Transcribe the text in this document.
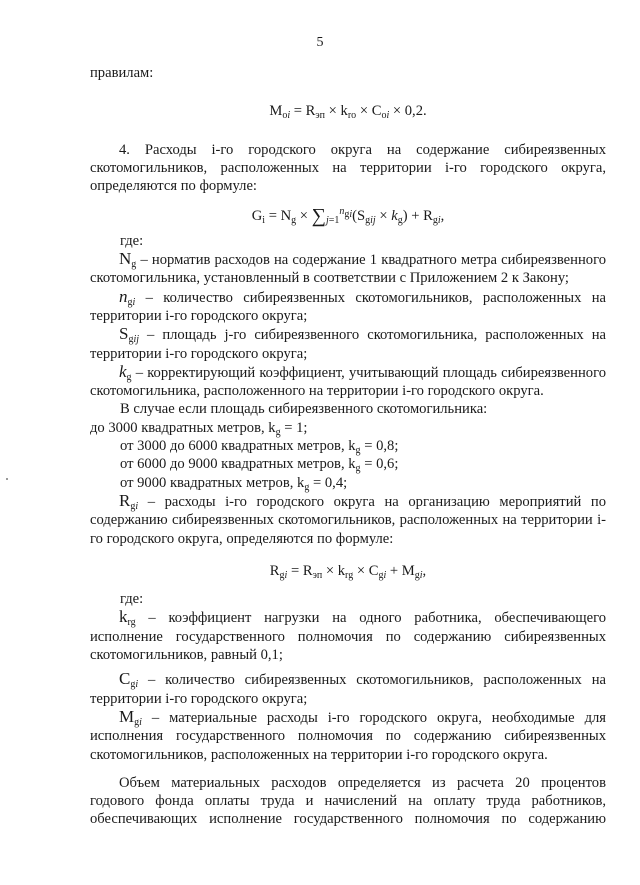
5

правилам:

$M_{oi} = R_{эп} \times k_{ro} \times C_{oi} \times 0,2$.

4. Расходы i-го городского округа на содержание сибиреязвенных скотомогильников, расположенных на территории i-го городского округа, определяются по формуле:

$G_i = N_g \times \sum_{j=1}^{n_{gi}}(S_{gij} \times k_g) + R_{gi}$,

где:

$N_g$ – норматив расходов на содержание 1 квадратного метра сибиреязвенного скотомогильника, установленный в соответствии с Приложением 2 к Закону;

$n_{gi}$ – количество сибиреязвенных скотомогильников, расположенных на территории i-го городского округа;

$S_{gij}$ – площадь j-го сибиреязвенного скотомогильника, расположенных на территории i-го городского округа;

$k_g$ – корректирующий коэффициент, учитывающий площадь сибиреязвенного скотомогильника, расположенного на территории i-го городского округа.

В случае если площадь сибиреязвенного скотомогильника:

до 3000 квадратных метров, $k_g = 1$;

от 3000 до 6000 квадратных метров, $k_g = 0,8$;

от 6000 до 9000 квадратных метров, $k_g = 0,6$;

от 9000 квадратных метров, $k_g = 0,4$;

$R_{gi}$ – расходы i-го городского округа на организацию мероприятий по содержанию сибиреязвенных скотомогильников, расположенных на территории i-го городского округа, определяются по формуле:

$R_{gi} = R_{эп} \times k_{rg} \times C_{gi} + M_{gi}$,

где:

$k_{rg}$ – коэффициент нагрузки на одного работника, обеспечивающего исполнение государственного полномочия по содержанию сибиреязвенных скотомогильников, равный 0,1;

$C_{gi}$ – количество сибиреязвенных скотомогильников, расположенных на территории i-го городского округа;

$M_{gi}$ – материальные расходы i-го городского округа, необходимые для исполнения государственного полномочия по содержанию сибиреязвенных скотомогильников, расположенных на территории i-го городского округа.

Объем материальных расходов определяется из расчета 20 процентов годового фонда оплаты труда и начислений на оплату труда работников, обеспечивающих исполнение государственного полномочия по содержанию
